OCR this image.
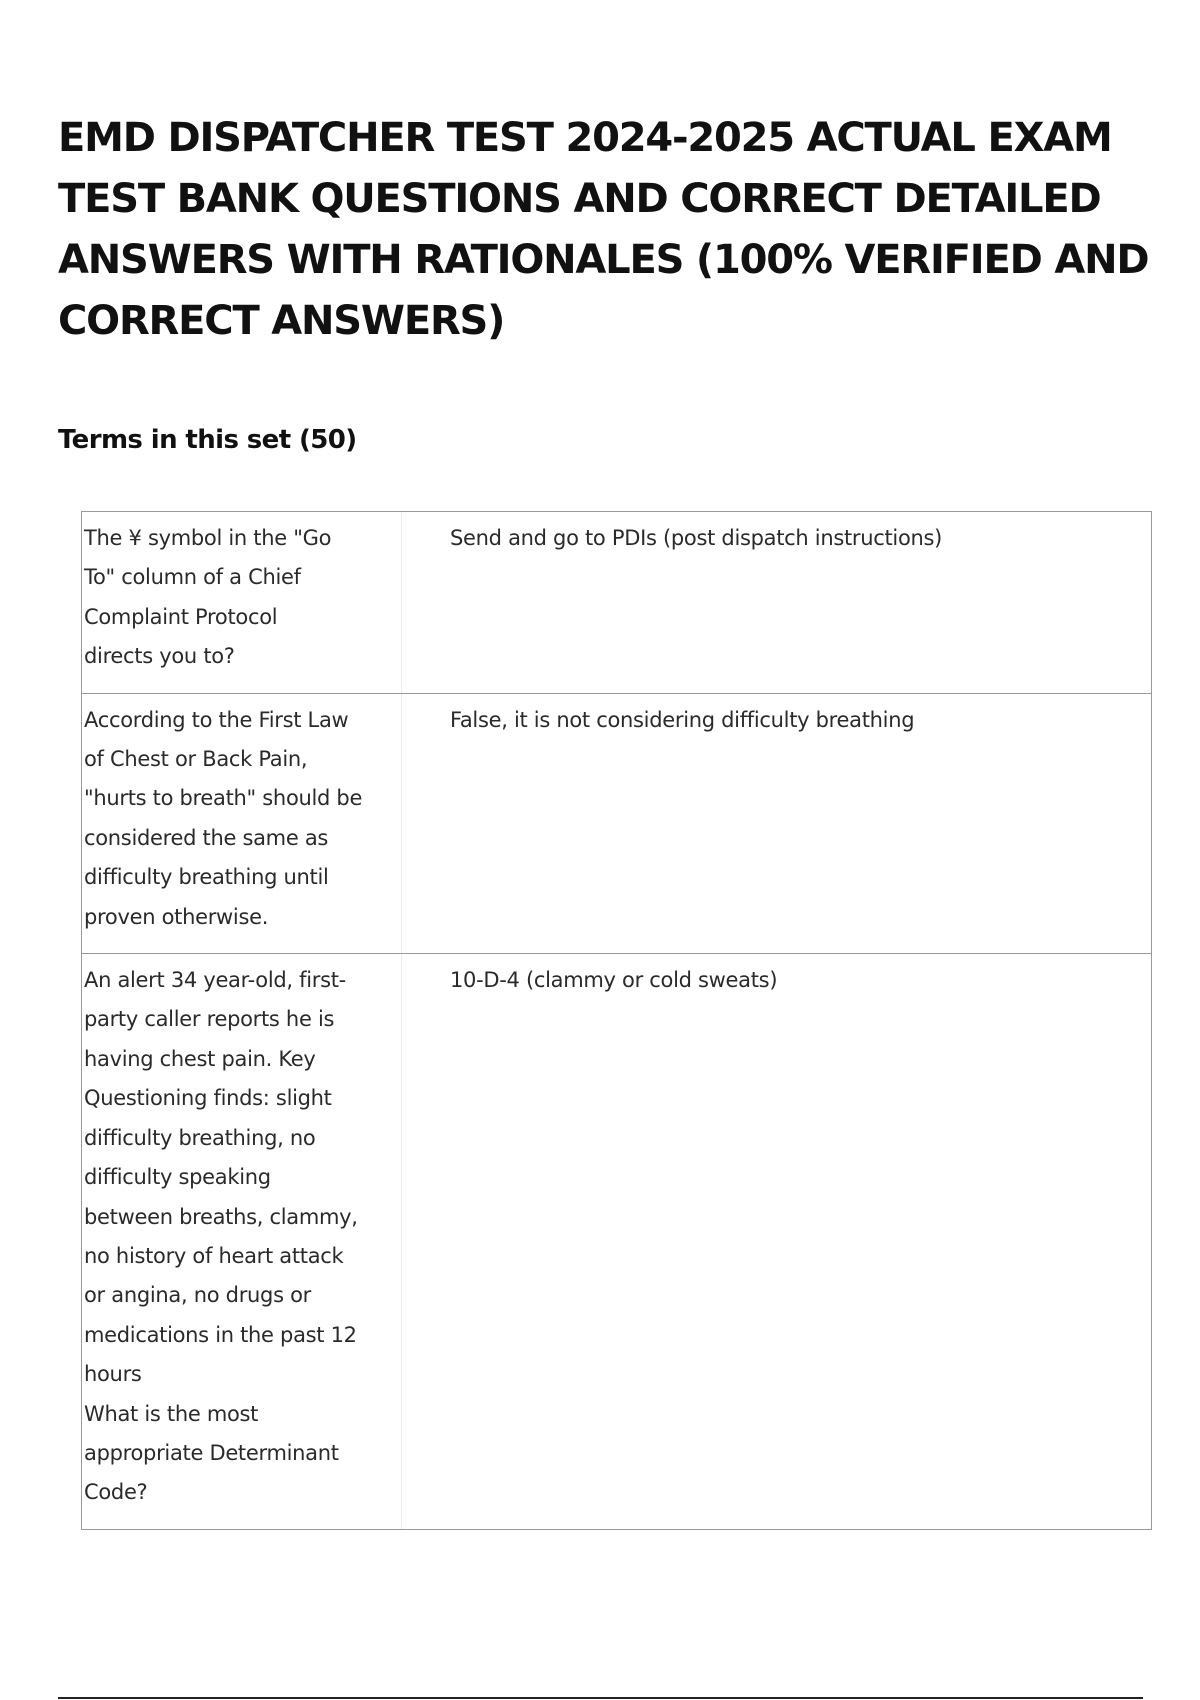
EMD DISPATCHER TEST 2024-2025 ACTUAL EXAM TEST BANK QUESTIONS AND CORRECT DETAILED ANSWERS WITH RATIONALES (100% VERIFIED AND CORRECT ANSWERS)
Terms in this set (50)
The ¥ symbol in the "Go
To" column of a Chief
Complaint Protocol
directs you to?
Send and go to PDIs (post dispatch instructions)
According to the First Law
of Chest or Back Pain,
"hurts to breath" should be
considered the same as
difficulty breathing until
proven otherwise.
False, it is not considering difficulty breathing
An alert 34 year-old, first-
party caller reports he is
having chest pain. Key
Questioning finds: slight
difficulty breathing, no
difficulty speaking
between breaths, clammy,
no history of heart attack
or angina, no drugs or
medications in the past 12
hours
What is the most
appropriate Determinant
Code?
10-D-4 (clammy or cold sweats)
